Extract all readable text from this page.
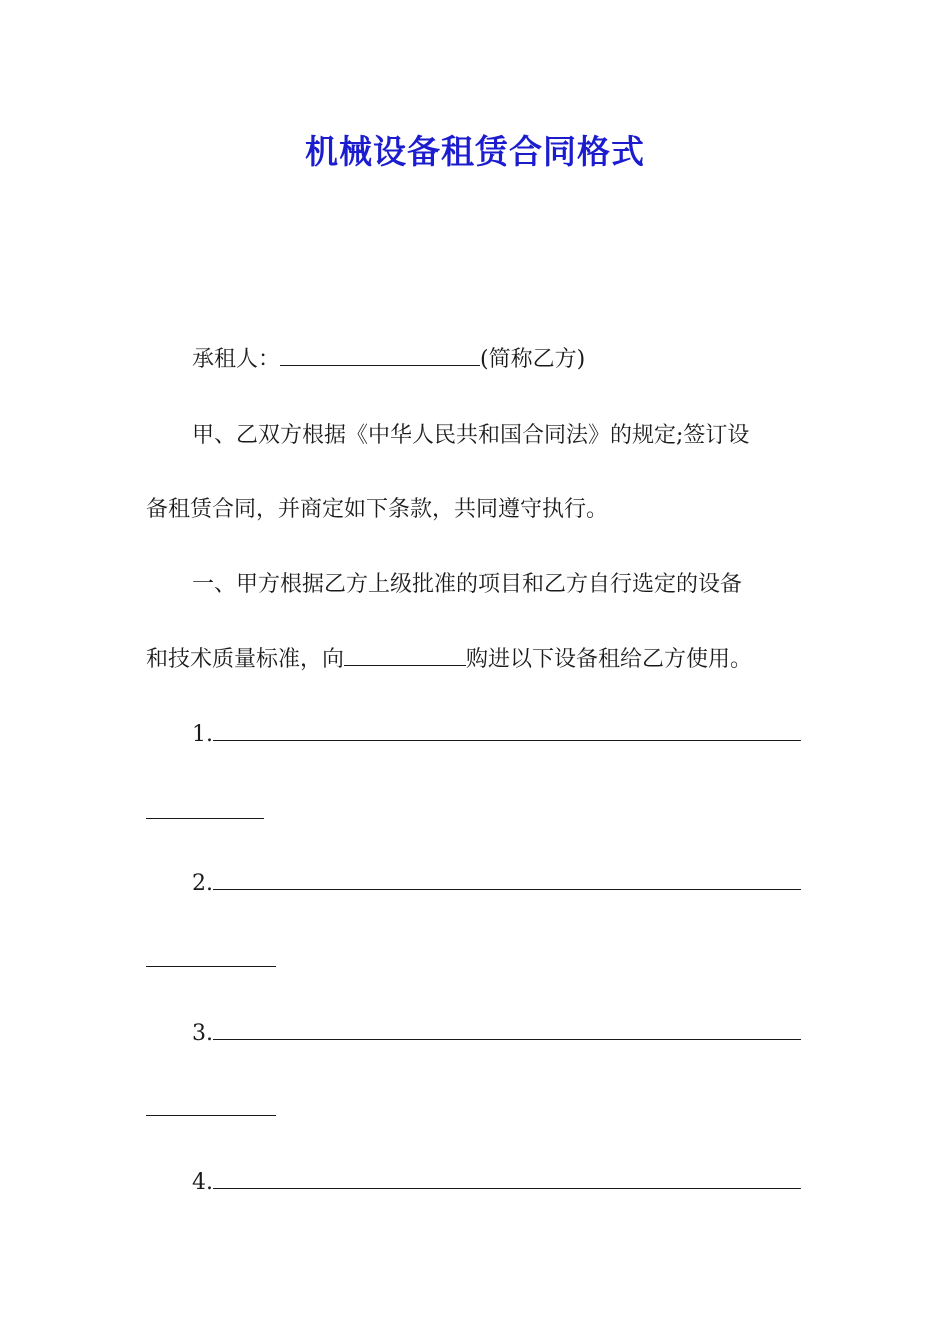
机械设备租赁合同格式
承租人：	(简称乙方)
甲、乙双方根据《中华人民共和国合同法》的规定;签订设
备租赁合同，并商定如下条款，共同遵守执行。
一、甲方根据乙方上级批准的项目和乙方自行选定的设备
和技术质量标准，向	购进以下设备租给乙方使用。
1.
2.
3.
4.
